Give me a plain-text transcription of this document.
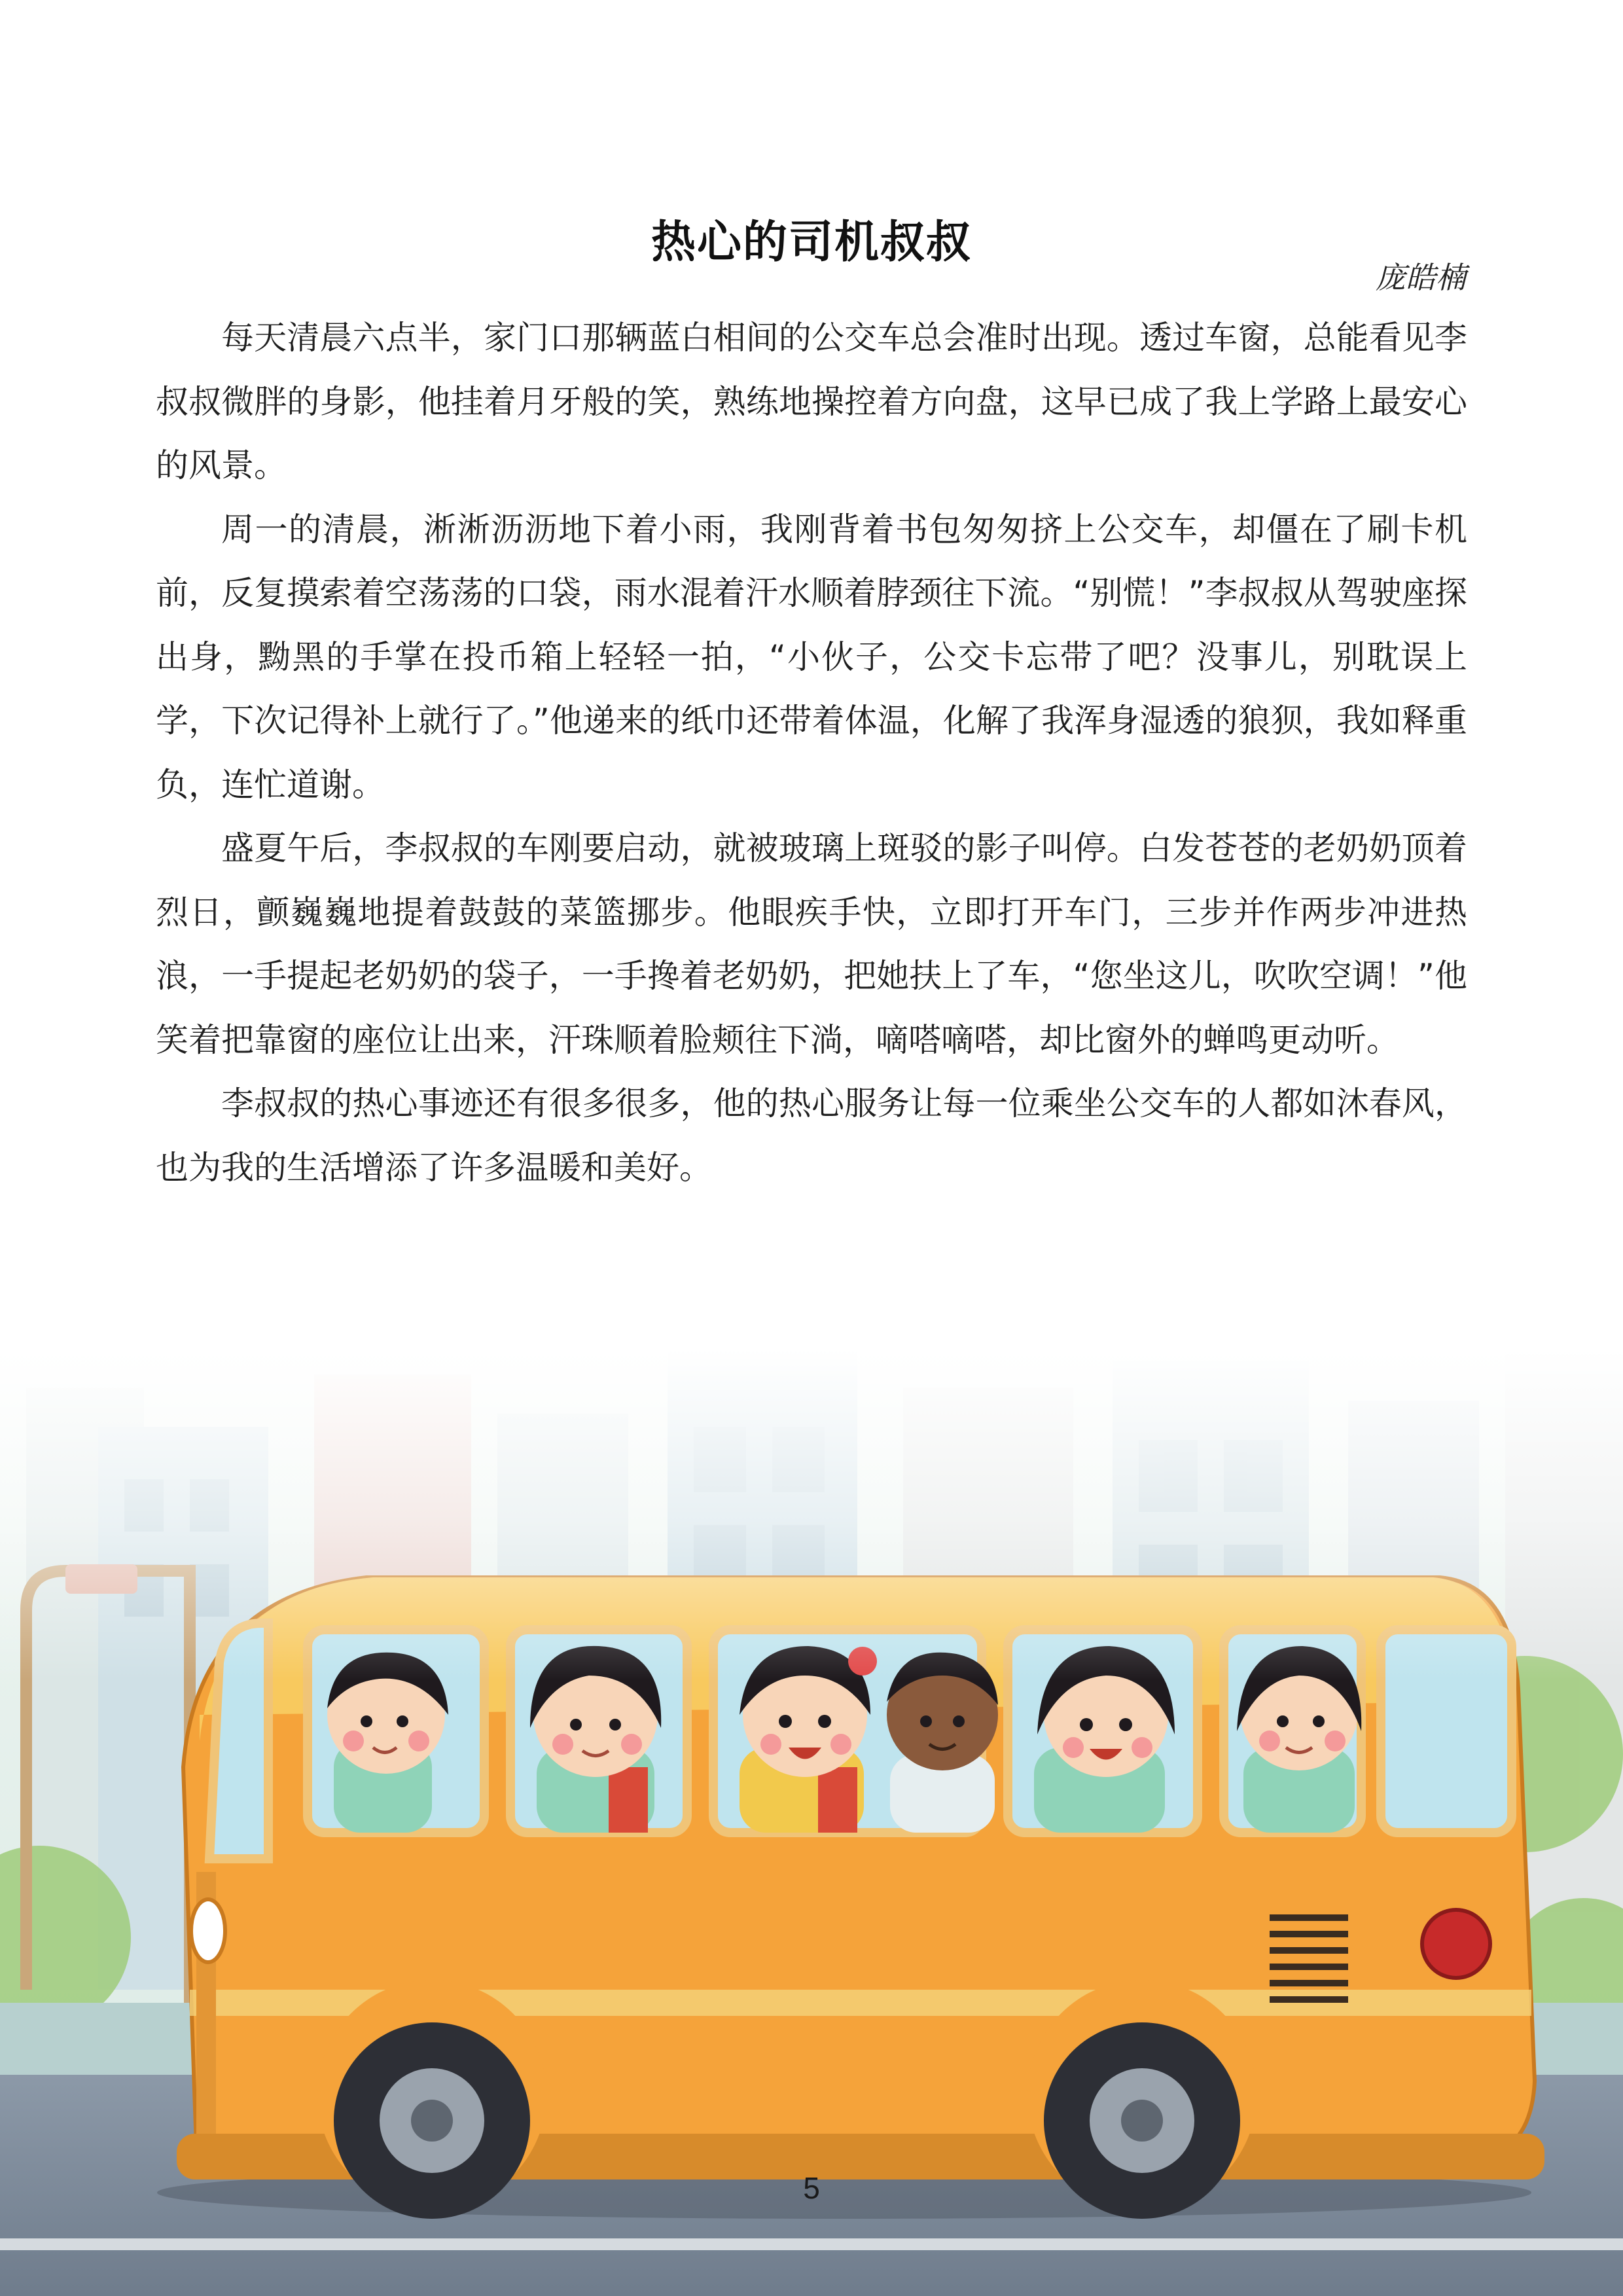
热心的司机叔叔
庞皓楠

每天清晨六点半，家门口那辆蓝白相间的公交车总会准时出现。透过车窗，总能看见李叔叔微胖的身影，他挂着月牙般的笑，熟练地操控着方向盘，这早已成了我上学路上最安心的风景。

周一的清晨，淅淅沥沥地下着小雨，我刚背着书包匆匆挤上公交车，却僵在了刷卡机前，反复摸索着空荡荡的口袋，雨水混着汗水顺着脖颈往下流。“别慌！”李叔叔从驾驶座探出身，黝黑的手掌在投币箱上轻轻一拍，“小伙子，公交卡忘带了吧？没事儿，别耽误上学，下次记得补上就行了。”他递来的纸巾还带着体温，化解了我浑身湿透的狼狈，我如释重负，连忙道谢。

盛夏午后，李叔叔的车刚要启动，就被玻璃上斑驳的影子叫停。白发苍苍的老奶奶顶着烈日，颤巍巍地提着鼓鼓的菜篮挪步。他眼疾手快，立即打开车门，三步并作两步冲进热浪，一手提起老奶奶的袋子，一手搀着老奶奶，把她扶上了车，“您坐这儿，吹吹空调！”他笑着把靠窗的座位让出来，汗珠顺着脸颊往下淌，嘀嗒嘀嗒，却比窗外的蝉鸣更动听。

李叔叔的热心事迹还有很多很多，他的热心服务让每一位乘坐公交车的人都如沐春风，也为我的生活增添了许多温暖和美好。

5
